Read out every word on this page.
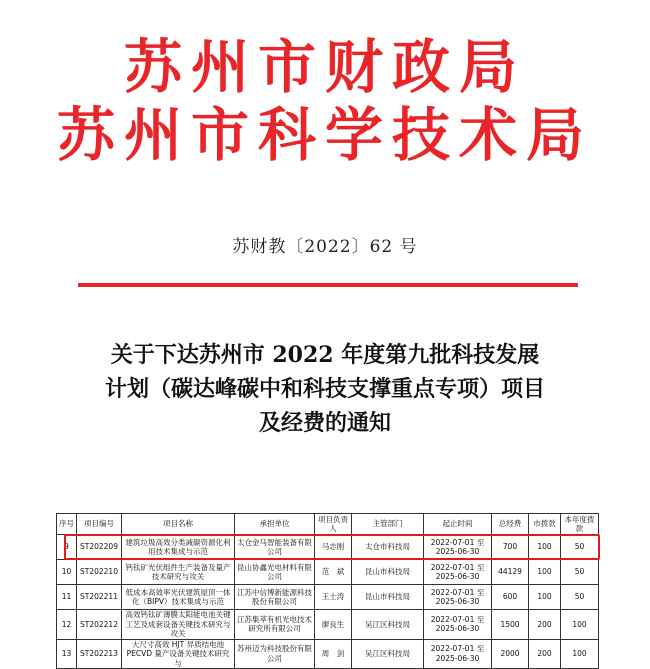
苏州市财政局
苏州市科学技术局
苏财教〔2022〕62 号
关于下达苏州市 2022 年度第九批科技发展
计划（碳达峰碳中和科技支撑重点专项）项目
及经费的通知
序号	项目编号	项目名称	承担单位	项目负责人	主管部门	起止时间	总经费	市拨款	本年度拨款
9	ST202209	建筑垃圾高效分类减碳资源化利用技术集成与示范	太仓金马智能装备有限公司	马志刚	太仓市科技局	2022-07-01 至 2025-06-30	700	100	50
10	ST202210	钙钛矿光伏组件生产装备及量产技术研究与攻关	昆山协鑫光电材料有限公司	范　斌	昆山市科技局	2022-07-01 至 2025-06-30	44129	100	50
11	ST202211	低成本高效率光伏建筑屋顶一体化（BIPV）技术集成与示范	江苏中信博新能源科技股份有限公司	王士涛	昆山市科技局	2022-07-01 至 2025-06-30	600	100	50
12	ST202212	高效钙钛矿薄膜太阳能电池关键工艺及成套设备关键技术研究与攻关	江苏集萃有机光电技术研究所有限公司	廖良生	吴江区科技局	2022-07-01 至 2025-06-30	1500	200	100
13	ST202213	大尺寸高效 HJT 异质结电池 PECVD 量产设备关键技术研究与	苏州迈为科技股份有限公司	周　剑	吴江区科技局	2022-07-01 至 2025-06-30	2000	200	100
